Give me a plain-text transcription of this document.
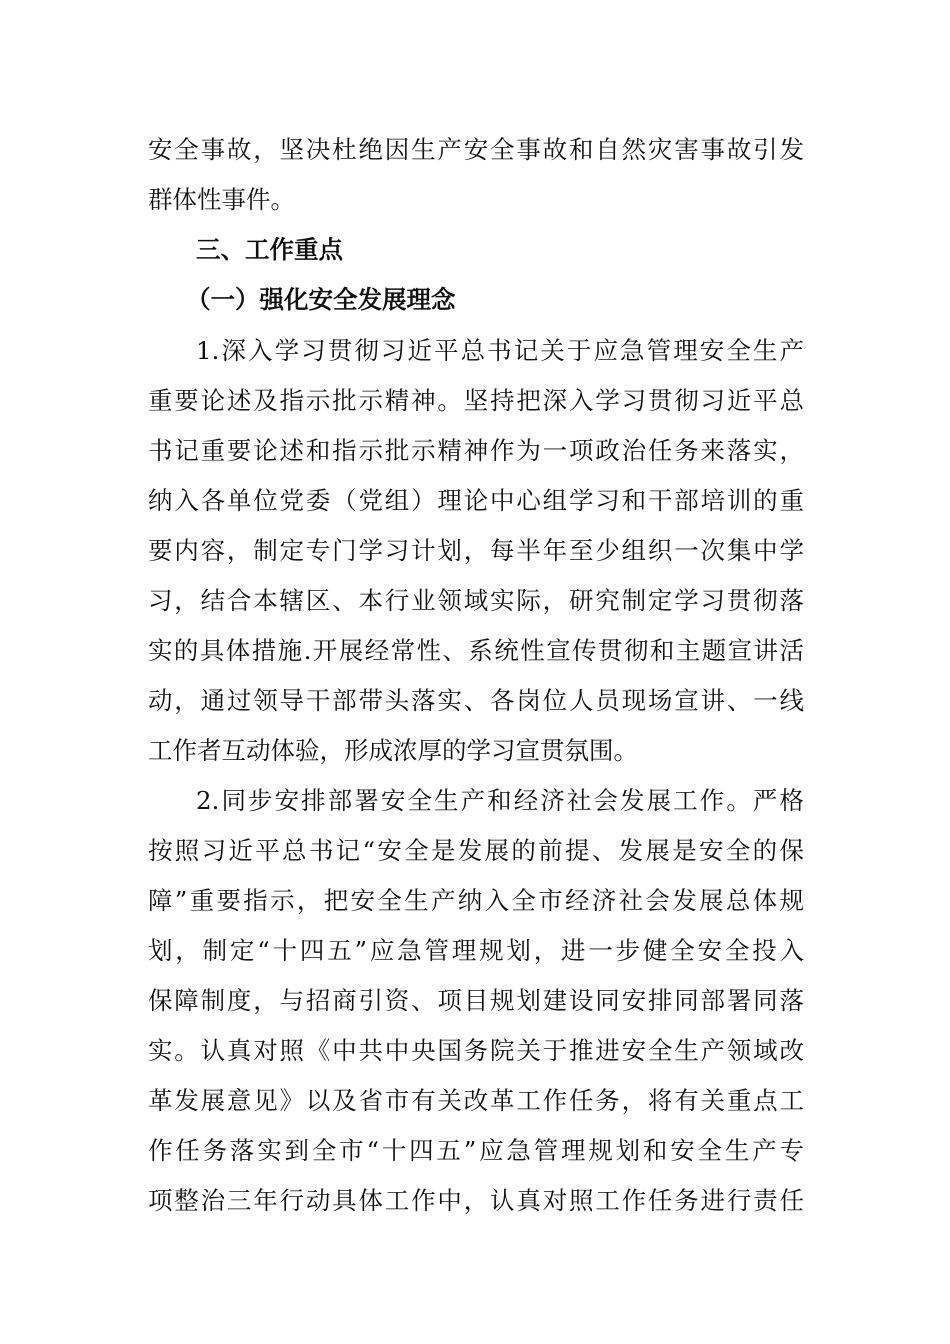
安全事故，坚决杜绝因生产安全事故和自然灾害事故引发
群体性事件。
三、工作重点
（一）强化安全发展理念
1.深入学习贯彻习近平总书记关于应急管理安全生产
重要论述及指示批示精神。坚持把深入学习贯彻习近平总
书记重要论述和指示批示精神作为一项政治任务来落实，
纳入各单位党委（党组）理论中心组学习和干部培训的重
要内容，制定专门学习计划，每半年至少组织一次集中学
习，结合本辖区、本行业领域实际，研究制定学习贯彻落
实的具体措施.开展经常性、系统性宣传贯彻和主题宣讲活
动，通过领导干部带头落实、各岗位人员现场宣讲、一线
工作者互动体验，形成浓厚的学习宣贯氛围。
2.同步安排部署安全生产和经济社会发展工作。严格
按照习近平总书记“安全是发展的前提、发展是安全的保
障”重要指示，把安全生产纳入全市经济社会发展总体规
划，制定“十四五”应急管理规划，进一步健全安全投入
保障制度，与招商引资、项目规划建设同安排同部署同落
实。认真对照《中共中央国务院关于推进安全生产领域改
革发展意见》以及省市有关改革工作任务，将有关重点工
作任务落实到全市“十四五”应急管理规划和安全生产专
项整治三年行动具体工作中，认真对照工作任务进行责任
